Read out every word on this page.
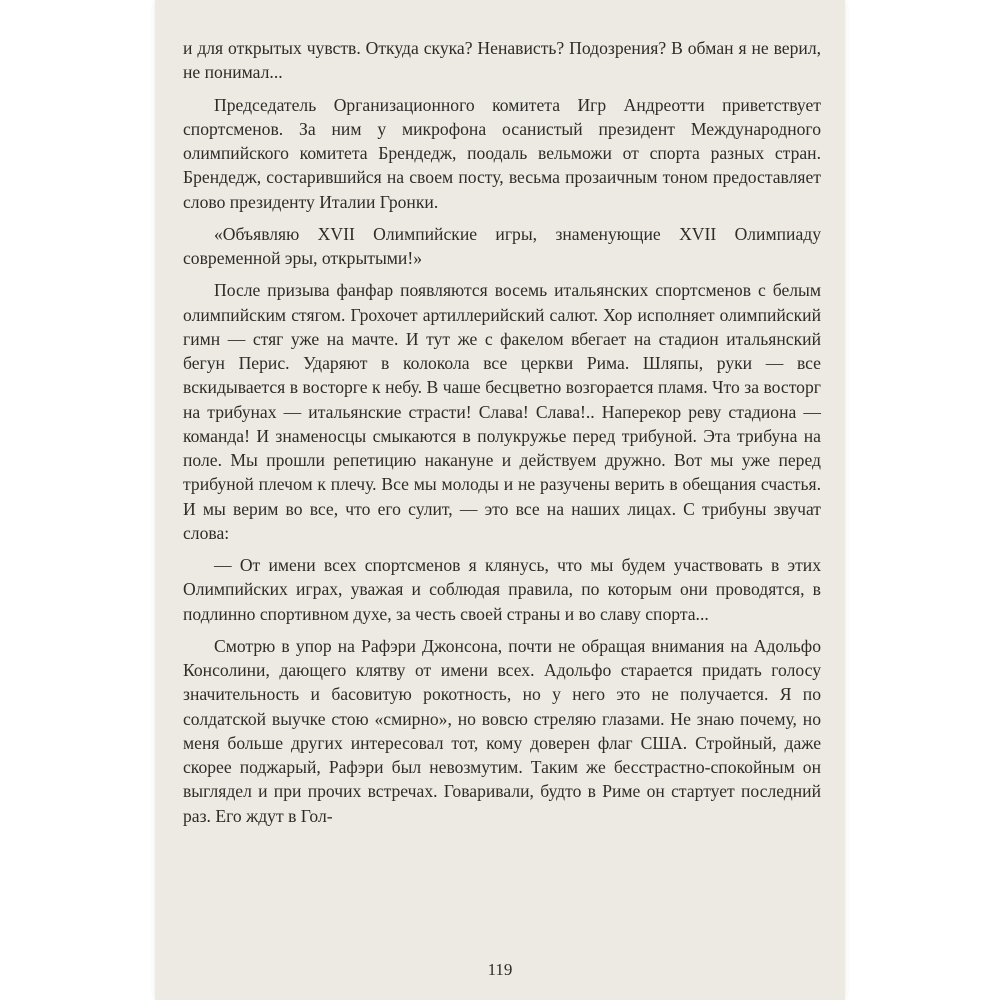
и для открытых чувств. Откуда скука? Ненависть? Подозрения? В обман я не верил, не понимал...

Председатель Организационного комитета Игр Андреотти приветствует спортсменов. За ним у микрофона осанистый президент Международного олимпийского комитета Брендедж, поодаль вельможи от спорта разных стран. Брендедж, состарившийся на своем посту, весьма прозаичным тоном предоставляет слово президенту Италии Гронки.

«Объявляю XVII Олимпийские игры, знаменующие XVII Олимпиаду современной эры, открытыми!»

После призыва фанфар появляются восемь итальянских спортсменов с белым олимпийским стягом. Грохочет артиллерийский салют. Хор исполняет олимпийский гимн — стяг уже на мачте. И тут же с факелом вбегает на стадион итальянский бегун Перис. Ударяют в колокола все церкви Рима. Шляпы, руки — все вскидывается в восторге к небу. В чаше бесцветно возгорается пламя. Что за восторг на трибунах — итальянские страсти! Слава! Слава!.. Наперекор реву стадиона — команда! И знаменосцы смыкаются в полукружье перед трибуной. Эта трибуна на поле. Мы прошли репетицию накануне и действуем дружно. Вот мы уже перед трибуной плечом к плечу. Все мы молоды и не разучены верить в обещания счастья. И мы верим во все, что его сулит, — это все на наших лицах. С трибуны звучат слова:

— От имени всех спортсменов я клянусь, что мы будем участвовать в этих Олимпийских играх, уважая и соблюдая правила, по которым они проводятся, в подлинно спортивном духе, за честь своей страны и во славу спорта...

Смотрю в упор на Рафэри Джонсона, почти не обращая внимания на Адольфо Консолини, дающего клятву от имени всех. Адольфо старается придать голосу значительность и басовитую рокотность, но у него это не получается. Я по солдатской выучке стою «смирно», но вовсю стреляю глазами. Не знаю почему, но меня больше других интересовал тот, кому доверен флаг США. Стройный, даже скорее поджарый, Рафэри был невозмутим. Таким же бесстрастно-спокойным он выглядел и при прочих встречах. Говаривали, будто в Риме он стартует последний раз. Его ждут в Гол-

119
